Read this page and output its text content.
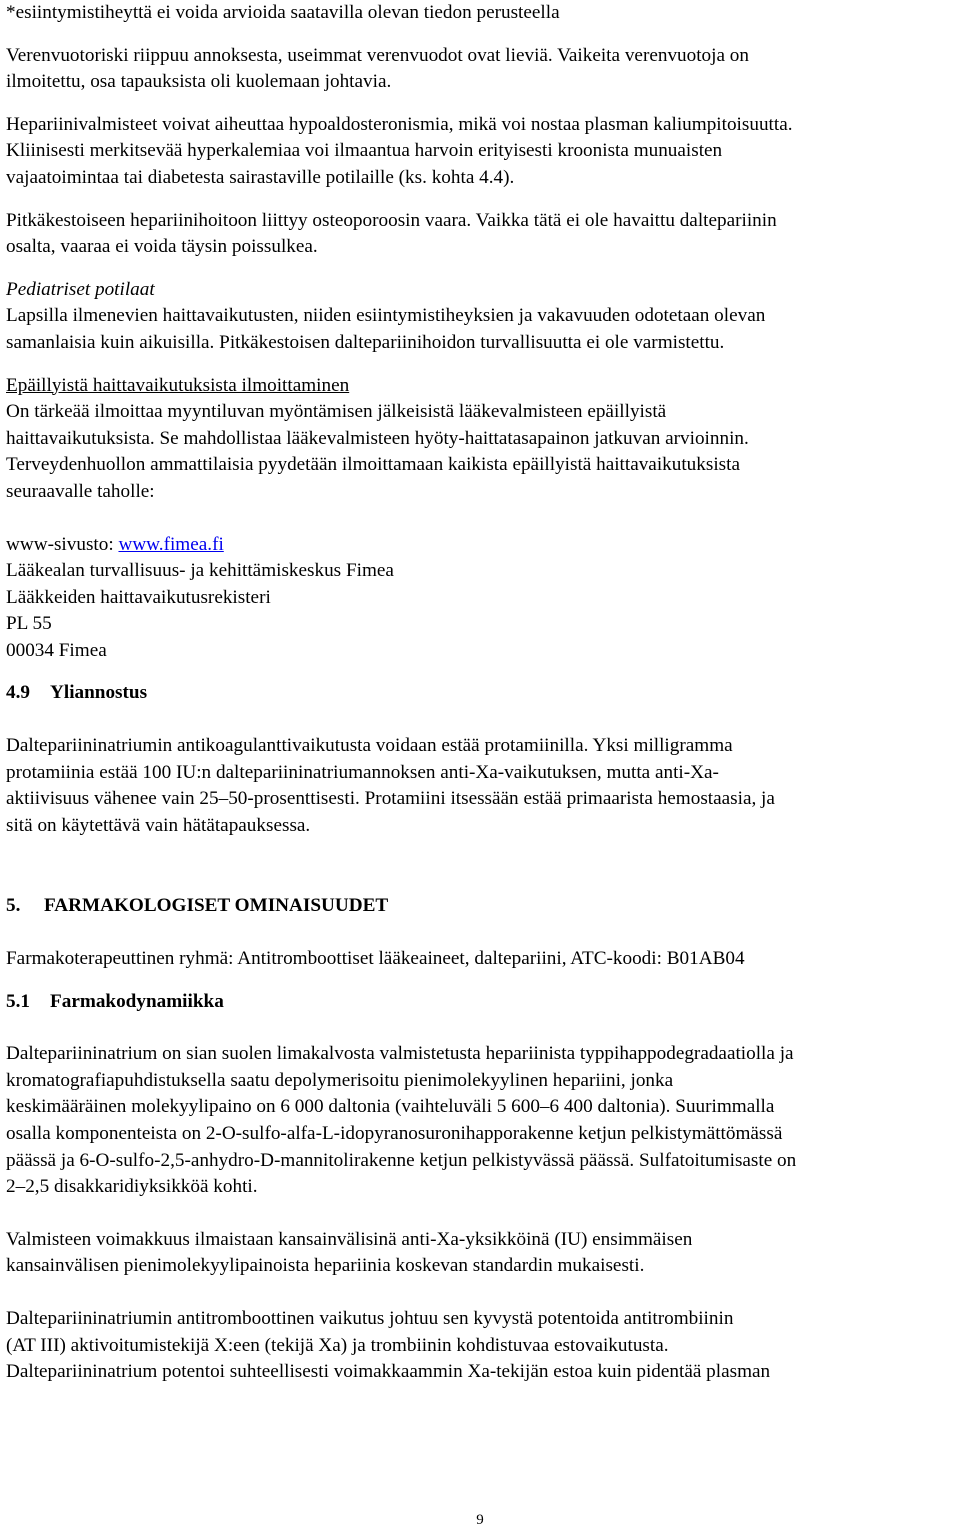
*esiintymistiheyttä ei voida arvioida saatavilla olevan tiedon perusteella
Verenvuotoriski riippuu annoksesta, useimmat verenvuodot ovat lieviä. Vaikeita verenvuotoja on
ilmoitettu, osa tapauksista oli kuolemaan johtavia.
Hepariinivalmisteet voivat aiheuttaa hypoaldosteronismia, mikä voi nostaa plasman kaliumpitoisuutta.
Kliinisesti merkitsevää hyperkalemiaa voi ilmaantua harvoin erityisesti kroonista munuaisten
vajaatoimintaa tai diabetesta sairastaville potilaille (ks. kohta 4.4).
Pitkäkestoiseen hepariinihoitoon liittyy osteoporoosin vaara. Vaikka tätä ei ole havaittu daltepariinin
osalta, vaaraa ei voida täysin poissulkea.
Pediatriset potilaat
Lapsilla ilmenevien haittavaikutusten, niiden esiintymistiheyksien ja vakavuuden odotetaan olevan
samanlaisia kuin aikuisilla. Pitkäkestoisen daltepariinihoidon turvallisuutta ei ole varmistettu.
Epäillyistä haittavaikutuksista ilmoittaminen
On tärkeää ilmoittaa myyntiluvan myöntämisen jälkeisistä lääkevalmisteen epäillyistä
haittavaikutuksista. Se mahdollistaa lääkevalmisteen hyöty-haittatasapainon jatkuvan arvioinnin.
Terveydenhuollon ammattilaisia pyydetään ilmoittamaan kaikista epäillyistä haittavaikutuksista
seuraavalle taholle:
www-sivusto: www.fimea.fi
Lääkealan turvallisuus- ja kehittämiskeskus Fimea
Lääkkeiden haittavaikutusrekisteri
PL 55
00034 Fimea
4.9	Yliannostus
Daltepariininatriumin antikoagulanttivaikutusta voidaan estää protamiinilla. Yksi milligramma
protamiinia estää 100 IU:n daltepariininatriumannoksen anti-Xa-vaikutuksen, mutta anti-Xa-
aktiivisuus vähenee vain 25–50-prosenttisesti. Protamiini itsessään estää primaarista hemostaasia, ja
sitä on käytettävä vain hätätapauksessa.
5.	FARMAKOLOGISET OMINAISUUDET
Farmakoterapeuttinen ryhmä: Antitromboottiset lääkeaineet, daltepariini, ATC-koodi: B01AB04
5.1	Farmakodynamiikka
Daltepariininatrium on sian suolen limakalvosta valmistetusta hepariinista typpihappodegradaatiolla ja
kromatografiapuhdistuksella saatu depolymerisoitu pienimolekyylinen hepariini, jonka
keskimääräinen molekyylipaino on 6 000 daltonia (vaihteluväli 5 600–6 400 daltonia). Suurimmalla
osalla komponenteista on 2-O-sulfo-alfa-L-idopyranosuronihapporakenne ketjun pelkistymättömässä
päässä ja 6-O-sulfo-2,5-anhydro-D-mannitolirakenne ketjun pelkistyvässä päässä. Sulfatoitumisaste on
2–2,5 disakkaridiyksikköä kohti.
Valmisteen voimakkuus ilmaistaan kansainvälisinä anti-Xa-yksikköinä (IU) ensimmäisen
kansainvälisen pienimolekyylipainoista hepariinia koskevan standardin mukaisesti.
Daltepariininatriumin antitromboottinen vaikutus johtuu sen kyvystä potentoida antitrombiinin
(AT III) aktivoitumistekijä X:een (tekijä Xa) ja trombiinin kohdistuvaa estovaikutusta.
Daltepariininatrium potentoi suhteellisesti voimakkaammin Xa-tekijän estoa kuin pidentää plasman
9
